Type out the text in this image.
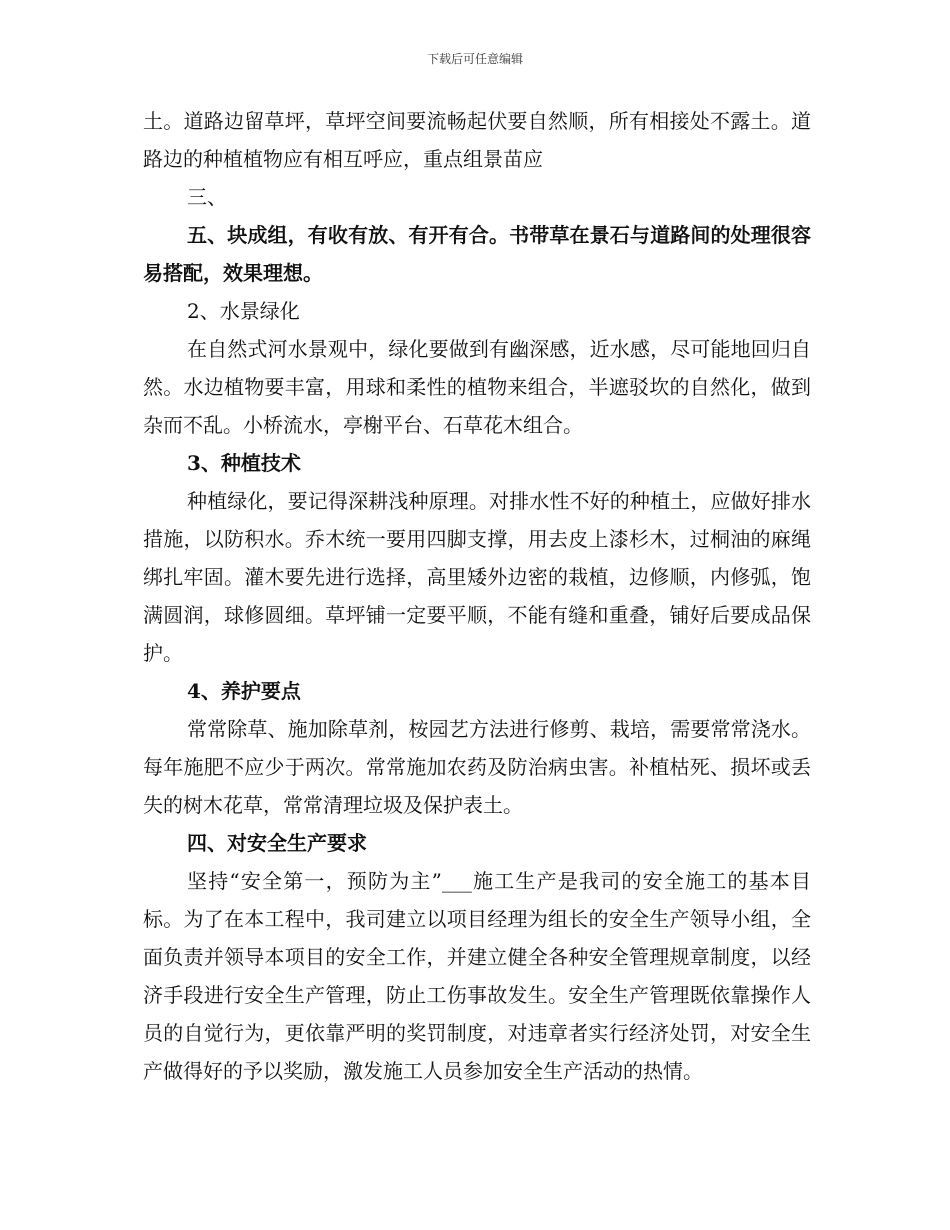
下载后可任意编辑

土。道路边留草坪，草坪空间要流畅起伏要自然顺，所有相接处不露土。道路边的种植植物应有相互呼应，重点组景苗应

三、

五、块成组，有收有放、有开有合。书带草在景石与道路间的处理很容易搭配，效果理想。

2、水景绿化

在自然式河水景观中，绿化要做到有幽深感，近水感，尽可能地回归自然。水边植物要丰富，用球和柔性的植物来组合，半遮驳坎的自然化，做到杂而不乱。小桥流水，亭榭平台、石草花木组合。

3、种植技术

种植绿化，要记得深耕浅种原理。对排水性不好的种植土，应做好排水措施，以防积水。乔木统一要用四脚支撑，用去皮上漆杉木，过桐油的麻绳绑扎牢固。灌木要先进行选择，高里矮外边密的栽植，边修顺，内修弧，饱满圆润，球修圆细。草坪铺一定要平顺，不能有缝和重叠，铺好后要成品保护。

4、养护要点

常常除草、施加除草剂，桉园艺方法进行修剪、栽培，需要常常浇水。每年施肥不应少于两次。常常施加农药及防治病虫害。补植枯死、损坏或丢失的树木花草，常常清理垃圾及保护表土。

四、对安全生产要求

坚持“安全第一，预防为主”___施工生产是我司的安全施工的基本目标。为了在本工程中，我司建立以项目经理为组长的安全生产领导小组，全面负责并领导本项目的安全工作，并建立健全各种安全管理规章制度，以经济手段进行安全生产管理，防止工伤事故发生。安全生产管理既依靠操作人员的自觉行为，更依靠严明的奖罚制度，对违章者实行经济处罚，对安全生产做得好的予以奖励，激发施工人员参加安全生产活动的热情。
